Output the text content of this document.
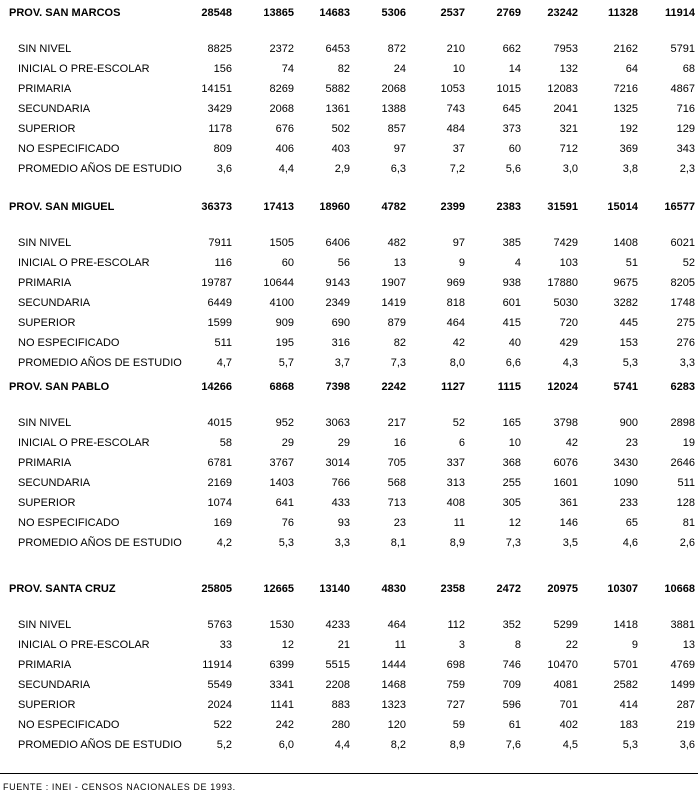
PROV. SAN MARCOS	28548	13865	14683	5306	2537	2769	23242	11328	11914
SIN NIVEL	8825	2372	6453	872	210	662	7953	2162	5791
INICIAL O PRE-ESCOLAR	156	74	82	24	10	14	132	64	68
PRIMARIA	14151	8269	5882	2068	1053	1015	12083	7216	4867
SECUNDARIA	3429	2068	1361	1388	743	645	2041	1325	716
SUPERIOR	1178	676	502	857	484	373	321	192	129
NO ESPECIFICADO	809	406	403	97	37	60	712	369	343
PROMEDIO AÑOS DE ESTUDIO	3,6	4,4	2,9	6,3	7,2	5,6	3,0	3,8	2,3
PROV. SAN MIGUEL	36373	17413	18960	4782	2399	2383	31591	15014	16577
SIN NIVEL	7911	1505	6406	482	97	385	7429	1408	6021
INICIAL O PRE-ESCOLAR	116	60	56	13	9	4	103	51	52
PRIMARIA	19787	10644	9143	1907	969	938	17880	9675	8205
SECUNDARIA	6449	4100	2349	1419	818	601	5030	3282	1748
SUPERIOR	1599	909	690	879	464	415	720	445	275
NO ESPECIFICADO	511	195	316	82	42	40	429	153	276
PROMEDIO AÑOS DE ESTUDIO	4,7	5,7	3,7	7,3	8,0	6,6	4,3	5,3	3,3
PROV. SAN PABLO	14266	6868	7398	2242	1127	1115	12024	5741	6283
SIN NIVEL	4015	952	3063	217	52	165	3798	900	2898
INICIAL O PRE-ESCOLAR	58	29	29	16	6	10	42	23	19
PRIMARIA	6781	3767	3014	705	337	368	6076	3430	2646
SECUNDARIA	2169	1403	766	568	313	255	1601	1090	511
SUPERIOR	1074	641	433	713	408	305	361	233	128
NO ESPECIFICADO	169	76	93	23	11	12	146	65	81
PROMEDIO AÑOS DE ESTUDIO	4,2	5,3	3,3	8,1	8,9	7,3	3,5	4,6	2,6
PROV. SANTA CRUZ	25805	12665	13140	4830	2358	2472	20975	10307	10668
SIN NIVEL	5763	1530	4233	464	112	352	5299	1418	3881
INICIAL O PRE-ESCOLAR	33	12	21	11	3	8	22	9	13
PRIMARIA	11914	6399	5515	1444	698	746	10470	5701	4769
SECUNDARIA	5549	3341	2208	1468	759	709	4081	2582	1499
SUPERIOR	2024	1141	883	1323	727	596	701	414	287
NO ESPECIFICADO	522	242	280	120	59	61	402	183	219
PROMEDIO AÑOS DE ESTUDIO	5,2	6,0	4,4	8,2	8,9	7,6	4,5	5,3	3,6
FUENTE : INEI - CENSOS NACIONALES DE 1993.
